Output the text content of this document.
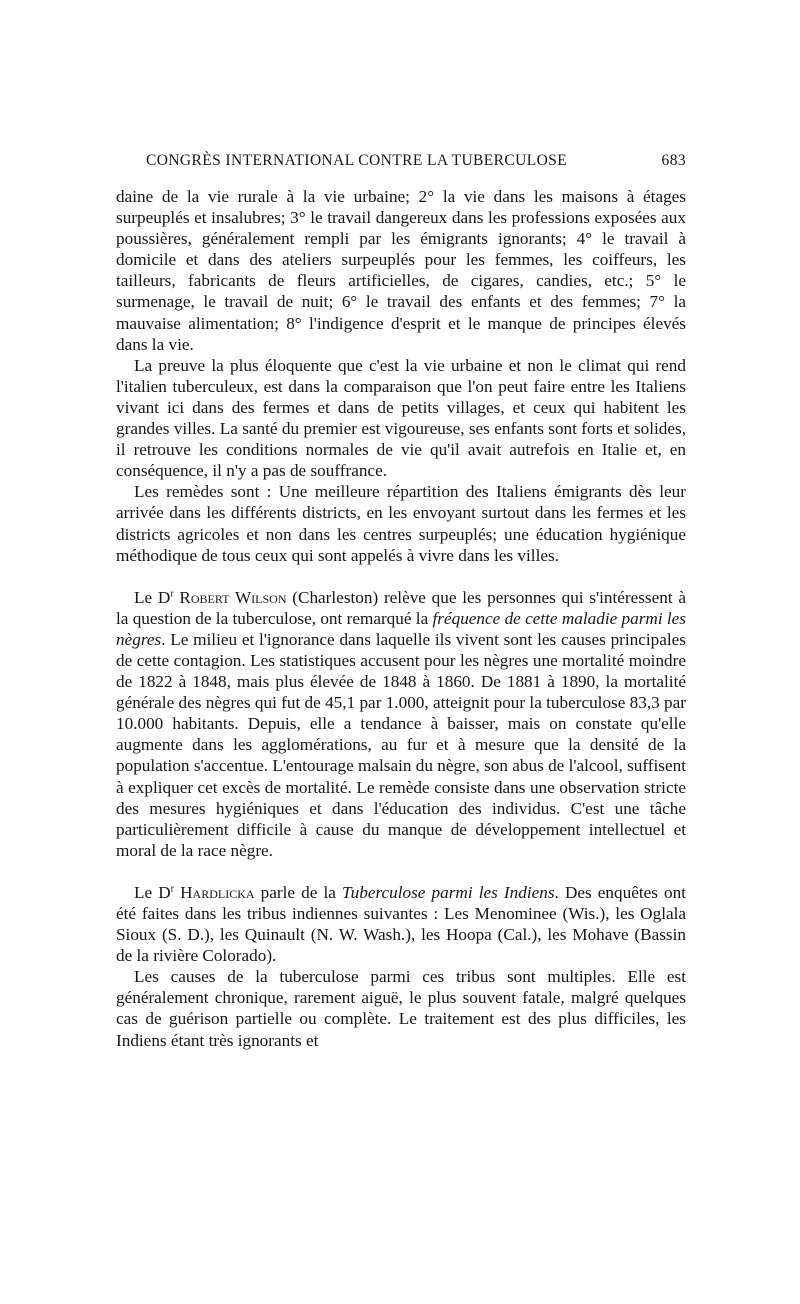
CONGRÈS INTERNATIONAL CONTRE LA TUBERCULOSE	683

daine de la vie rurale à la vie urbaine; 2° la vie dans les maisons à étages surpeuplés et insalubres; 3° le travail dangereux dans les professions exposées aux poussières, généralement rempli par les émigrants ignorants; 4° le travail à domicile et dans des ateliers surpeuplés pour les femmes, les coiffeurs, les tailleurs, fabricants de fleurs artificielles, de cigares, candies, etc.; 5° le surmenage, le travail de nuit; 6° le travail des enfants et des femmes; 7° la mauvaise alimentation; 8° l'indigence d'esprit et le manque de principes élevés dans la vie.

La preuve la plus éloquente que c'est la vie urbaine et non le climat qui rend l'italien tuberculeux, est dans la comparaison que l'on peut faire entre les Italiens vivant ici dans des fermes et dans de petits villages, et ceux qui habitent les grandes villes. La santé du premier est vigoureuse, ses enfants sont forts et solides, il retrouve les conditions normales de vie qu'il avait autrefois en Italie et, en conséquence, il n'y a pas de souffrance.

Les remèdes sont : Une meilleure répartition des Italiens émigrants dès leur arrivée dans les différents districts, en les envoyant surtout dans les fermes et les districts agricoles et non dans les centres surpeuplés; une éducation hygiénique méthodique de tous ceux qui sont appelés à vivre dans les villes.

Le $D^r$ Robert Wilson (Charleston) relève que les personnes qui s'intéressent à la question de la tuberculose, ont remarqué la fréquence de cette maladie parmi les nègres. Le milieu et l'ignorance dans laquelle ils vivent sont les causes principales de cette contagion. Les statistiques accusent pour les nègres une mortalité moindre de 1822 à 1848, mais plus élevée de 1848 à 1860. De 1881 à 1890, la mortalité générale des nègres qui fut de 45,1 par 1.000, atteignit pour la tuberculose 83,3 par 10.000 habitants. Depuis, elle a tendance à baisser, mais on constate qu'elle augmente dans les agglomérations, au fur et à mesure que la densité de la population s'accentue. L'entourage malsain du nègre, son abus de l'alcool, suffisent à expliquer cet excès de mortalité. Le remède consiste dans une observation stricte des mesures hygiéniques et dans l'éducation des individus. C'est une tâche particulièrement difficile à cause du manque de développement intellectuel et moral de la race nègre.

Le $D^r$ Hardlicka parle de la Tuberculose parmi les Indiens. Des enquêtes ont été faites dans les tribus indiennes suivantes : Les Menominee (Wis.), les Oglala Sioux (S. D.), les Quinault (N. W. Wash.), les Hoopa (Cal.), les Mohave (Bassin de la rivière Colorado).

Les causes de la tuberculose parmi ces tribus sont multiples. Elle est généralement chronique, rarement aiguë, le plus souvent fatale, malgré quelques cas de guérison partielle ou complète. Le traitement est des plus difficiles, les Indiens étant très ignorants et
